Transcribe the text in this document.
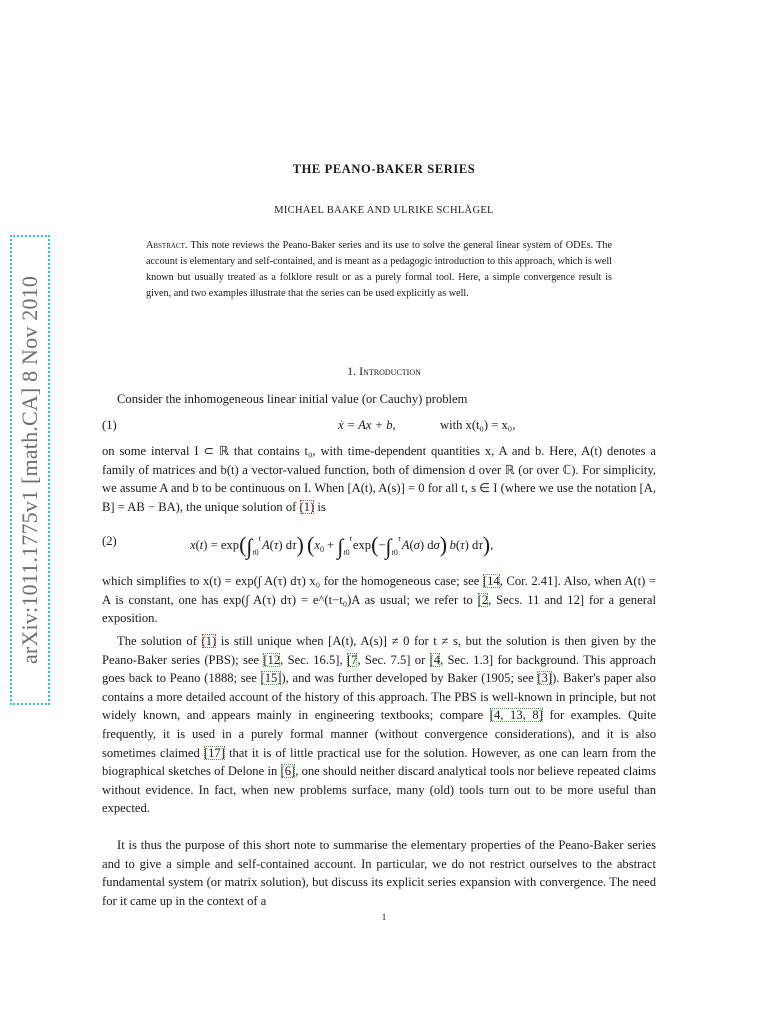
arXiv:1011.1775v1 [math.CA] 8 Nov 2010
THE PEANO-BAKER SERIES
MICHAEL BAAKE AND ULRIKE SCHLÄGEL
Abstract. This note reviews the Peano-Baker series and its use to solve the general linear system of ODEs. The account is elementary and self-contained, and is meant as a pedagogic introduction to this approach, which is well known but usually treated as a folklore result or as a purely formal tool. Here, a simple convergence result is given, and two examples illustrate that the series can be used explicitly as well.
1. Introduction
Consider the inhomogeneous linear initial value (or Cauchy) problem
(1)	ẋ = Ax + b,	with x(t₀) = x₀,
on some interval I ⊂ ℝ that contains t₀, with time-dependent quantities x, A and b. Here, A(t) denotes a family of matrices and b(t) a vector-valued function, both of dimension d over ℝ (or over ℂ). For simplicity, we assume A and b to be continuous on I. When [A(t), A(s)] = 0 for all t, s ∈ I (where we use the notation [A, B] = AB − BA), the unique solution of (1) is
(2)	$x(t) = \exp(\int_{t0}^t$ A(τ) dτ) ($x_0 + \int_{t0}^t$ $\exp(-\int_{t0}^\tau$ A(σ) dσ)  b(τ) dτ),
which simplifies to x(t) = exp(∫ A(τ) dτ) x₀ for the homogeneous case; see [14, Cor. 2.41]. Also, when A(t) = A is constant, one has exp(∫ A(τ) dτ) = e^(t−t₀)A as usual; we refer to [2, Secs. 11 and 12] for a general exposition.
The solution of (1) is still unique when [A(t), A(s)] ≠ 0 for t ≠ s, but the solution is then given by the Peano-Baker series (PBS); see [12, Sec. 16.5], [7, Sec. 7.5] or [4, Sec. 1.3] for background. This approach goes back to Peano (1888; see [15]), and was further developed by Baker (1905; see [3]). Baker's paper also contains a more detailed account of the history of this approach. The PBS is well-known in principle, but not widely known, and appears mainly in engineering textbooks; compare [4, 13, 8] for examples. Quite frequently, it is used in a purely formal manner (without convergence considerations), and it is also sometimes claimed [17] that it is of little practical use for the solution. However, as one can learn from the biographical sketches of Delone in [6], one should neither discard analytical tools nor believe repeated claims without evidence. In fact, when new problems surface, many (old) tools turn out to be more useful than expected.
It is thus the purpose of this short note to summarise the elementary properties of the Peano-Baker series and to give a simple and self-contained account. In particular, we do not restrict ourselves to the abstract fundamental system (or matrix solution), but discuss its explicit series expansion with convergence. The need for it came up in the context of a
1
